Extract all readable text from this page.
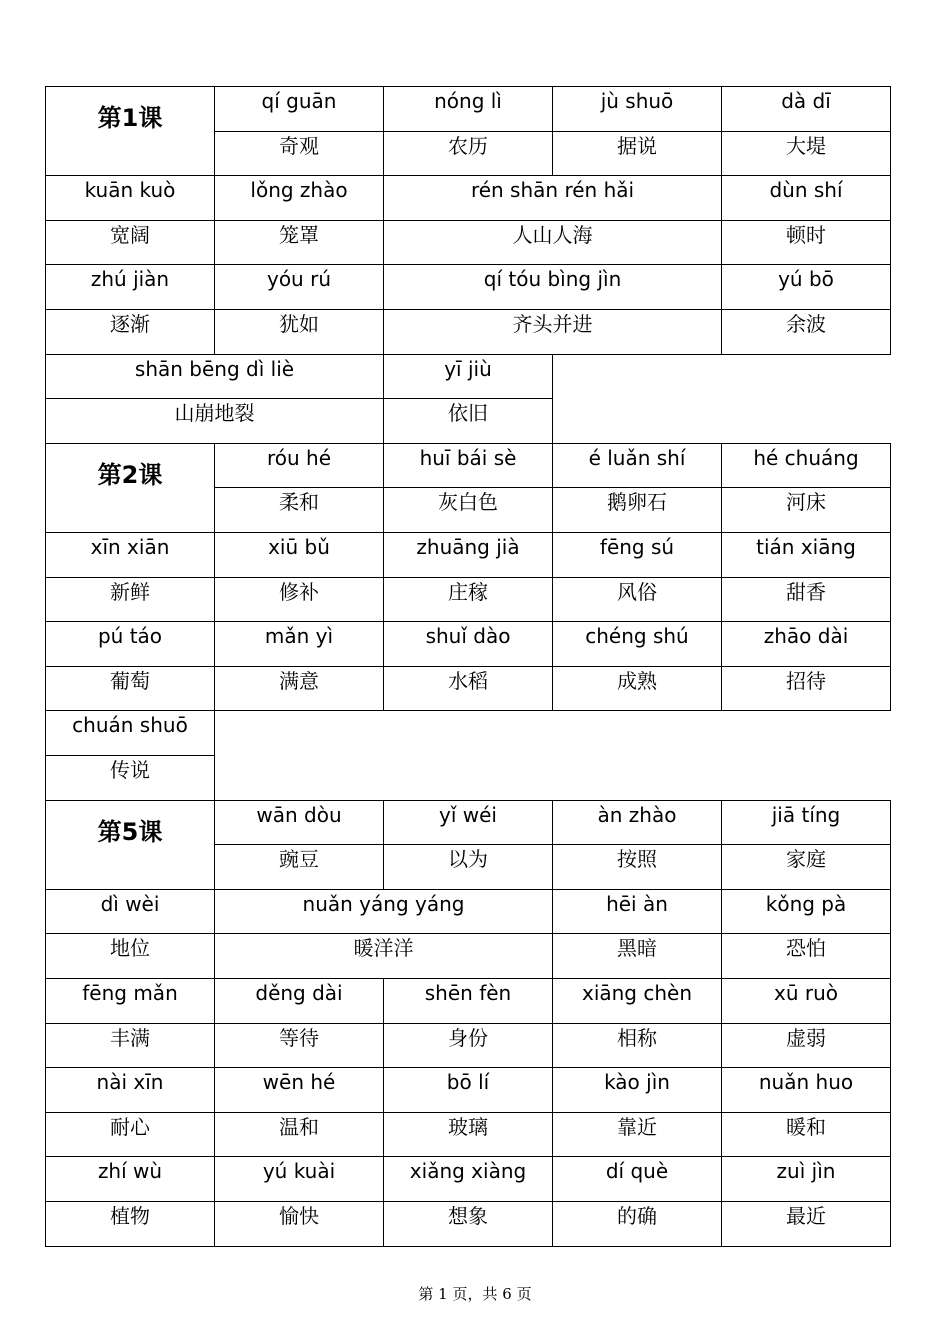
第1课
qí guān	nóng lì	jù shuō	dà dī
奇观	农历	据说	大堤
kuān kuò	lǒng zhào	rén shān rén hǎi	dùn shí
宽阔	笼罩	人山人海	顿时
zhú jiàn	yóu rú	qí tóu bìng jìn	yú bō
逐渐	犹如	齐头并进	余波
shān bēng dì liè	yī jiù
山崩地裂	依旧
第2课
róu hé	huī bái sè	é luǎn shí	hé chuáng
柔和	灰白色	鹅卵石	河床
xīn xiān	xiū bǔ	zhuāng jià	fēng sú	tián xiāng
新鲜	修补	庄稼	风俗	甜香
pú táo	mǎn yì	shuǐ dào	chéng shú	zhāo dài
葡萄	满意	水稻	成熟	招待
chuán shuō
传说
第5课
wān dòu	yǐ wéi	àn zhào	jiā tíng
豌豆	以为	按照	家庭
dì wèi	nuǎn yáng yáng	hēi àn	kǒng pà
地位	暖洋洋	黑暗	恐怕
fēng mǎn	děng dài	shēn fèn	xiāng chèn	xū ruò
丰满	等待	身份	相称	虚弱
nài xīn	wēn hé	bō lí	kào jìn	nuǎn huo
耐心	温和	玻璃	靠近	暖和
zhí wù	yú kuài	xiǎng xiàng	dí què	zuì jìn
植物	愉快	想象	的确	最近
第 1 页，共 6 页
